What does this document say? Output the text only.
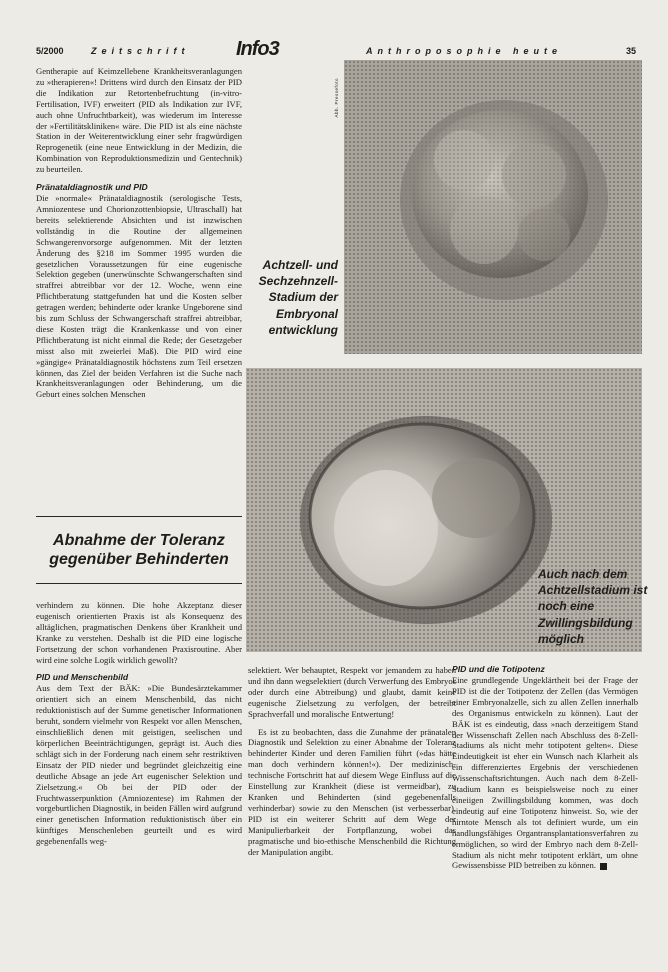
5/2000	Zeitschrift Info3	Anthroposophie heute	35

Gentherapie auf Keimzellebene Krankheitsveranlagungen zu »therapieren«! Drittens wird durch den Einsatz der PID die Indikation zur Retortenbefruchtung (in-vitro-Fertilisation, IVF) erweitert (PID als Indikation zur IVF, auch ohne Unfruchtbarkeit), was wiederum im Interesse der »Fertilitätskliniken« wäre. Die PID ist als eine nächste Station in der Weiterentwicklung einer sehr fragwürdigen Reprogenetik (eine neue Entwicklung in der Medizin, die Kombination von Reproduktionsmedizin und Gentechnik) zu beurteilen.

Pränataldiagnostik und PID

Die »normale« Pränataldiagnostik (serologische Tests, Amniozentese und Chorionzottenbiopsie, Ultraschall) hat bereits selektierende Absichten und ist inzwischen vollständig in die Routine der allgemeinen Schwangerenvorsorge aufgenommen. Mit der letzten Änderung des §218 im Sommer 1995 wurden die gesetzlichen Voraussetzungen für eine eugenische Selektion gegeben (unerwünschte Schwangerschaften sind straffrei abtreibbar vor der 12. Woche, wenn eine Pflichtberatung stattgefunden hat und die Kosten selber getragen werden; behinderte oder kranke Ungeborene sind bis zum Schluss der Schwangerschaft straffrei abtreibbar, diese Kosten trägt die Krankenkasse und von einer Pflichtberatung ist nicht einmal die Rede; der Gesetzgeber misst also mit zweierlei Maß). Die PID wird eine »gängige« Pränataldiagnostik höchstens zum Teil ersetzen können, das Ziel der beiden Verfahren ist die Suche nach Krankheitsveranlagungen oder Behinderung, um die Geburt eines solchen Menschen

Abnahme der Toleranz gegenüber Behinderten

verhindern zu können. Die hohe Akzeptanz dieser eugenisch orientierten Praxis ist als Konsequenz des alltäglichen, pragmatischen Denkens über Krankheit und Kranke zu verstehen. Deshalb ist die PID eine logische Fortsetzung der schon vorhandenen Praxisroutine. Aber wird eine solche Logik wirklich gewollt?

PID und Menschenbild

Aus dem Text der BÄK: »Die Bundesärztekammer orientiert sich an einem Menschenbild, das nicht reduktionistisch auf der Summe genetischer Informationen beruht, sondern vielmehr von Respekt vor allen Menschen, einschließlich denen mit geistigen, seelischen und körperlichen Beeinträchtigungen, geprägt ist. Auch dies schlägt sich in der Forderung nach einem sehr restriktiven Einsatz der PID nieder und begründet gleichzeitig eine deutliche Absage an jede Art eugenischer Selektion und Zielsetzung.« Ob bei der PID oder der Fruchtwasserpunktion (Amniozentese) im Rahmen der vorgeburtlichen Diagnostik, in beiden Fällen wird aufgrund einer genetischen Information reduktionistisch über ein künftiges Menschenleben geurteilt und es wird gegebenenfalls weg-

Abb. Pressefoto
Achtzell- und Sechzehnzell-Stadium der Embryonal entwicklung
Auch nach dem Achtzellstadium ist noch eine Zwillingsbildung möglich

selektiert. Wer behauptet, Respekt vor jemandem zu haben und ihn dann wegselektiert (durch Verwerfung des Embryos oder durch eine Abtreibung) und glaubt, damit keine eugenische Zielsetzung zu verfolgen, der betreibt Sprachverfall und moralische Entwertung!

Es ist zu beobachten, dass die Zunahme der pränatalen Diagnostik und Selektion zu einer Abnahme der Toleranz behinderter Kinder und deren Familien führt (»das hätte man doch verhindern können!«). Der medizinisch-technische Fortschritt hat auf diesem Wege Einfluss auf die Einstellung zur Krankheit (diese ist vermeidbar), zu Kranken und Behinderten (sind gegebenenfalls verhinderbar) sowie zu den Menschen (ist verbesserbar). PID ist ein weiterer Schritt auf dem Wege der Manipulierbarkeit der Fortpflanzung, wobei das pragmatische und bio-ethische Menschenbild die Richtung der Manipulation angibt.

PID und die Totipotenz

Eine grundlegende Ungeklärtheit bei der Frage der PID ist die der Totipotenz der Zellen (das Vermögen einer Embryonalzelle, sich zu allen Zellen innerhalb des Organismus entwickeln zu können). Laut der BÄK ist es eindeutig, dass »nach derzeitigem Stand der Wissenschaft Zellen nach Abschluss des 8-Zell-Stadiums als nicht mehr totipotent gelten«. Diese Eindeutigkeit ist eher ein Wunsch nach Klarheit als ein differenziertes Ergebnis der verschiedenen Wissenschaftsrichtungen. Auch nach dem 8-Zell-Stadium kann es beispielsweise noch zu einer eineiigen Zwillingsbildung kommen, was doch eindeutig auf eine Totipotenz hinweist. So, wie der hirntote Mensch als tot definiert wurde, um ein handlungsfähiges Organtransplantationsverfahren zu ermöglichen, so wird der Embryo nach dem 8-Zell-Stadium als nicht mehr totipotent erklärt, um ohne Gewissensbisse PID betreiben zu können.
